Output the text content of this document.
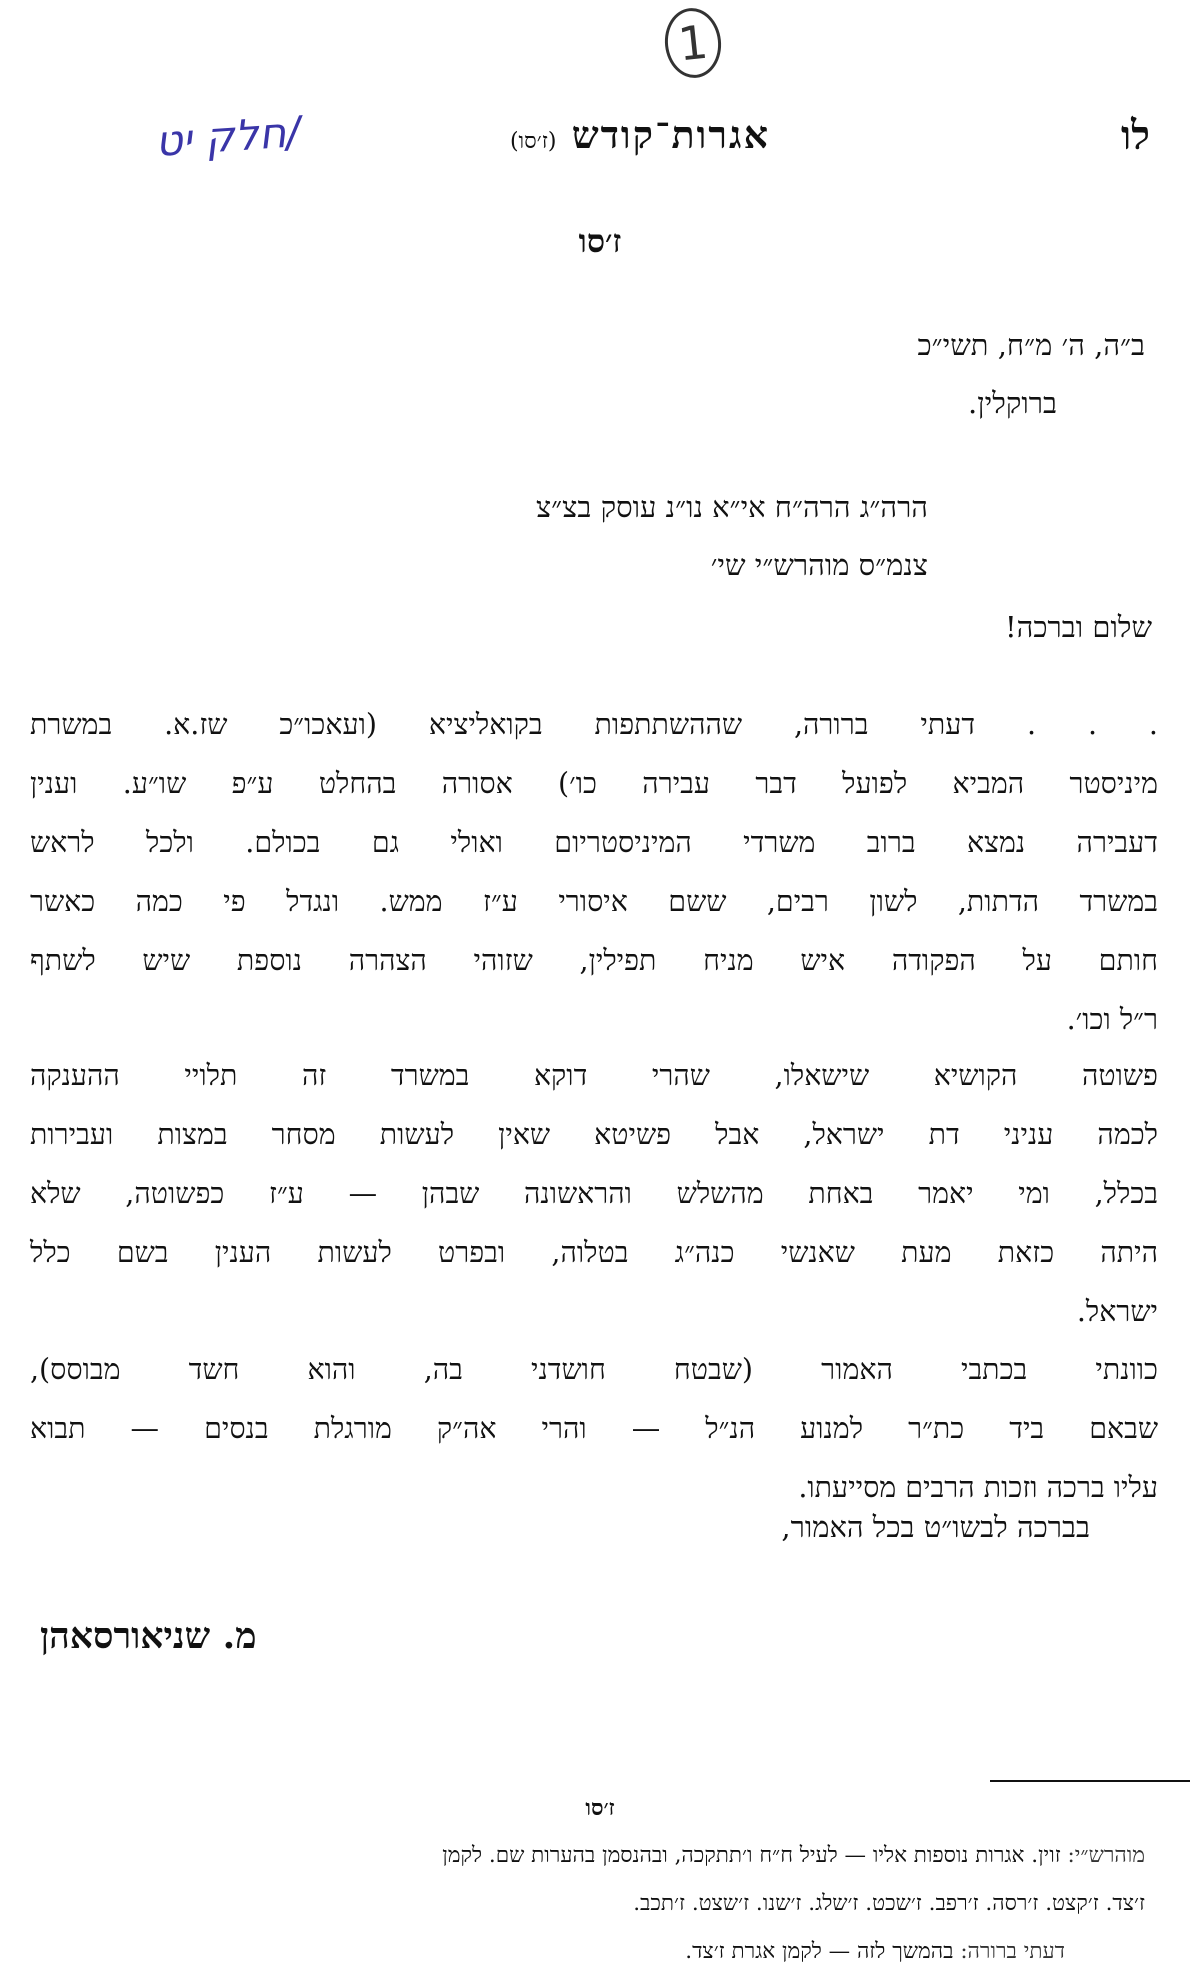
1
לו
אגרות־קודש (ז׳סו)
/חלק יט
ז׳סו
ב״ה, ה׳ מ״ח, תשי״כ
ברוקלין.
הרה״ג הרה״ח אי״א נו״נ עוסק בצ״צ
צנמ״ס מוהרש״י שי׳
שלום וברכה!
. . . דעתי ברורה, שההשתתפות בקואליציא (ועאכו״כ שז.א. במשרת
מיניסטר המביא לפועל דבר עבירה כו׳) אסורה בהחלט ע״פ שו״ע. וענין
דעבירה נמצא ברוב משרדי המיניסטריום ואולי גם בכולם. ולכל לראש
במשרד הדתות, לשון רבים, ששם איסורי ע״ז ממש. ונגדל פי כמה כאשר
חותם על הפקודה איש מניח תפילין, שזוהי הצהרה נוספת שיש לשתף
ר״ל וכו׳.
פשוטה הקושיא שישאלו, שהרי דוקא במשרד זה תלויי ההענקה
לכמה עניני דת ישראל, אבל פשיטא שאין לעשות מסחר במצות ועבירות
בכלל, ומי יאמר באחת מהשלש והראשונה שבהן — ע״ז כפשוטה, שלא
היתה כזאת מעת שאנשי כנה״ג בטלוה, ובפרט לעשות הענין בשם כלל
ישראל.
כוונתי בכתבי האמור (שבטח חושדני בה, והוא חשד מבוסס),
שבאם ביד כת״ר למנוע הנ״ל — והרי אה״ק מורגלת בנסים — תבוא
עליו ברכה וזכות הרבים מסייעתו.
בברכה לבשו״ט בכל האמור,
מ. שניאורסאהן
ז׳סו
מוהרש״י: זוין. אגרות נוספות אליו — לעיל ח״ח ו׳תתקכה, ובהנסמן בהערות שם. לקמן
ז׳צד. ז׳קצט. ז׳רסה. ז׳רפב. ז׳שכט. ז׳שלג. ז׳שנו. ז׳שצט. ז׳תכב.
דעתי ברורה: בהמשך לזה — לקמן אגרת ז׳צד.
